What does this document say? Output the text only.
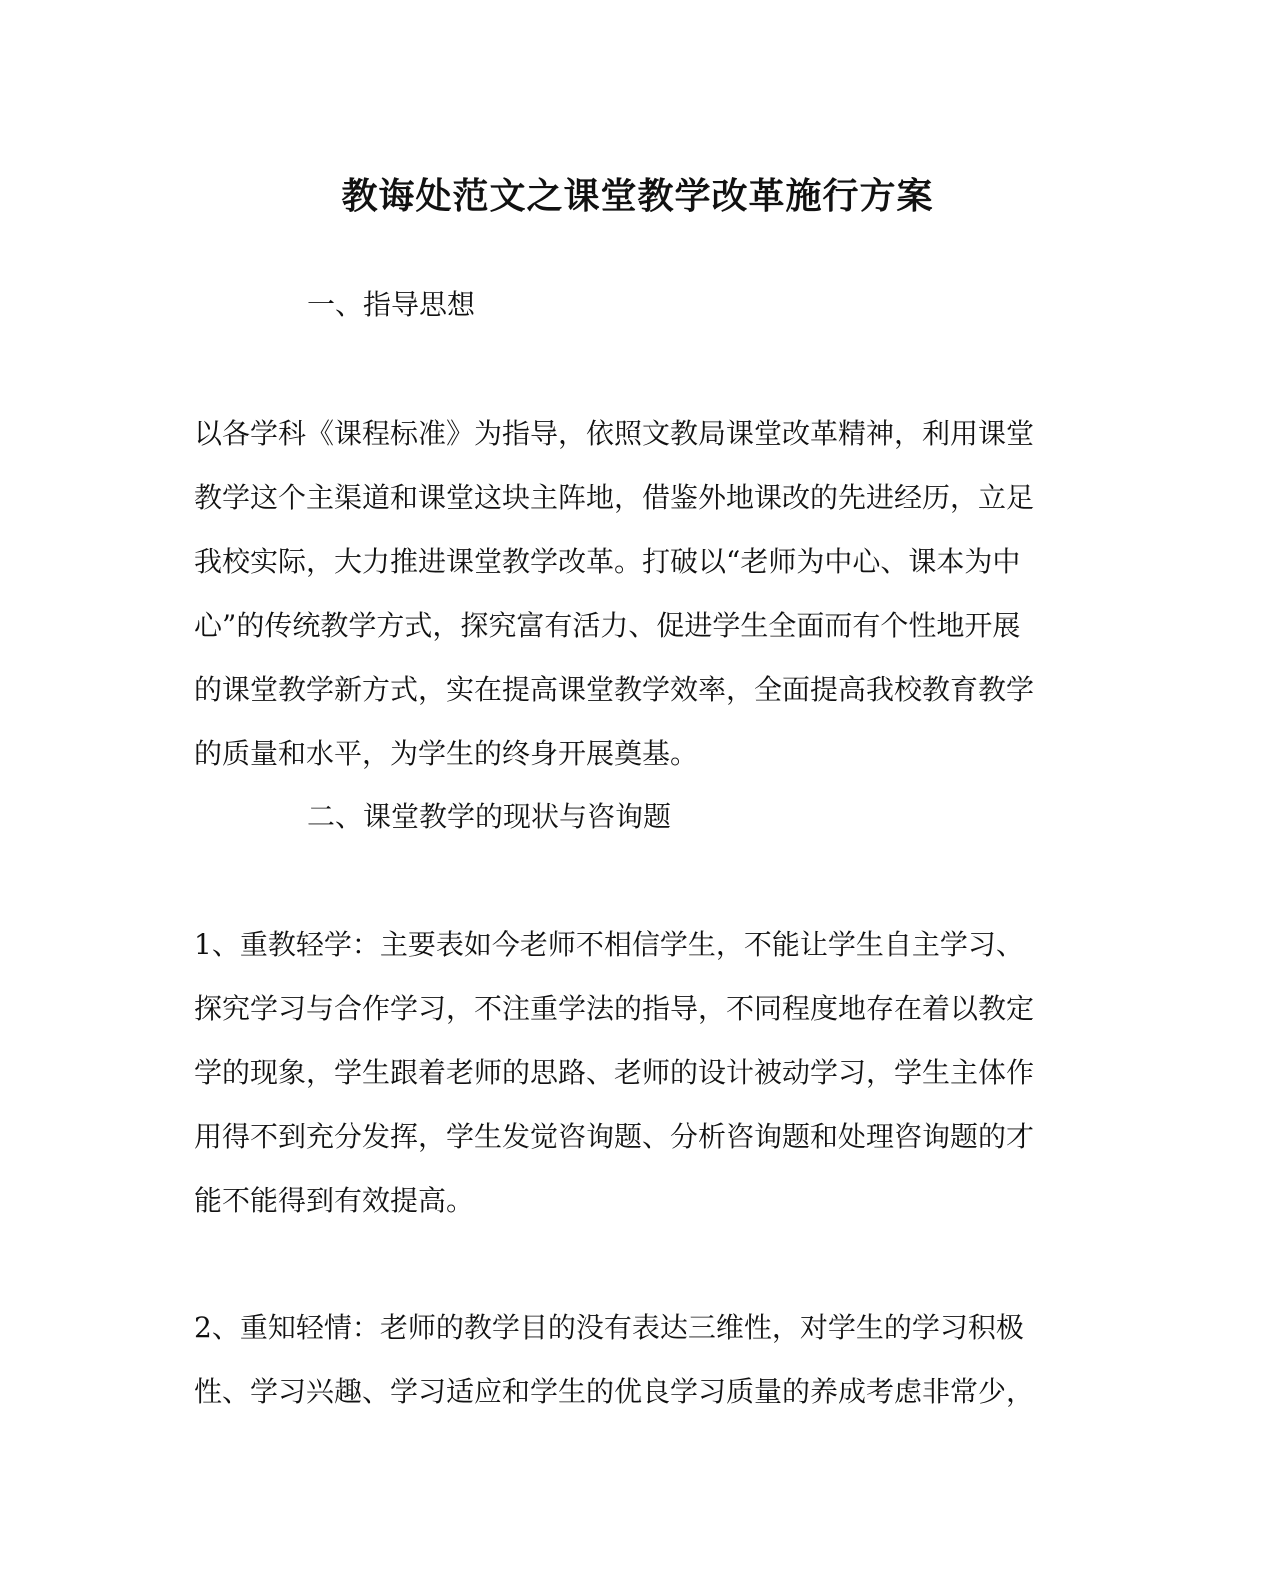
教诲处范文之课堂教学改革施行方案
一、指导思想
以各学科《课程标准》为指导，依照文教局课堂改革精神，利用课堂
教学这个主渠道和课堂这块主阵地，借鉴外地课改的先进经历，立足
我校实际，大力推进课堂教学改革。打破以“老师为中心、课本为中
心”的传统教学方式，探究富有活力、促进学生全面而有个性地开展
的课堂教学新方式，实在提高课堂教学效率，全面提高我校教育教学
的质量和水平，为学生的终身开展奠基。
二、课堂教学的现状与咨询题
1、重教轻学：主要表如今老师不相信学生，不能让学生自主学习、
探究学习与合作学习，不注重学法的指导，不同程度地存在着以教定
学的现象，学生跟着老师的思路、老师的设计被动学习，学生主体作
用得不到充分发挥，学生发觉咨询题、分析咨询题和处理咨询题的才
能不能得到有效提高。
2、重知轻情：老师的教学目的没有表达三维性，对学生的学习积极
性、学习兴趣、学习适应和学生的优良学习质量的养成考虑非常少，
